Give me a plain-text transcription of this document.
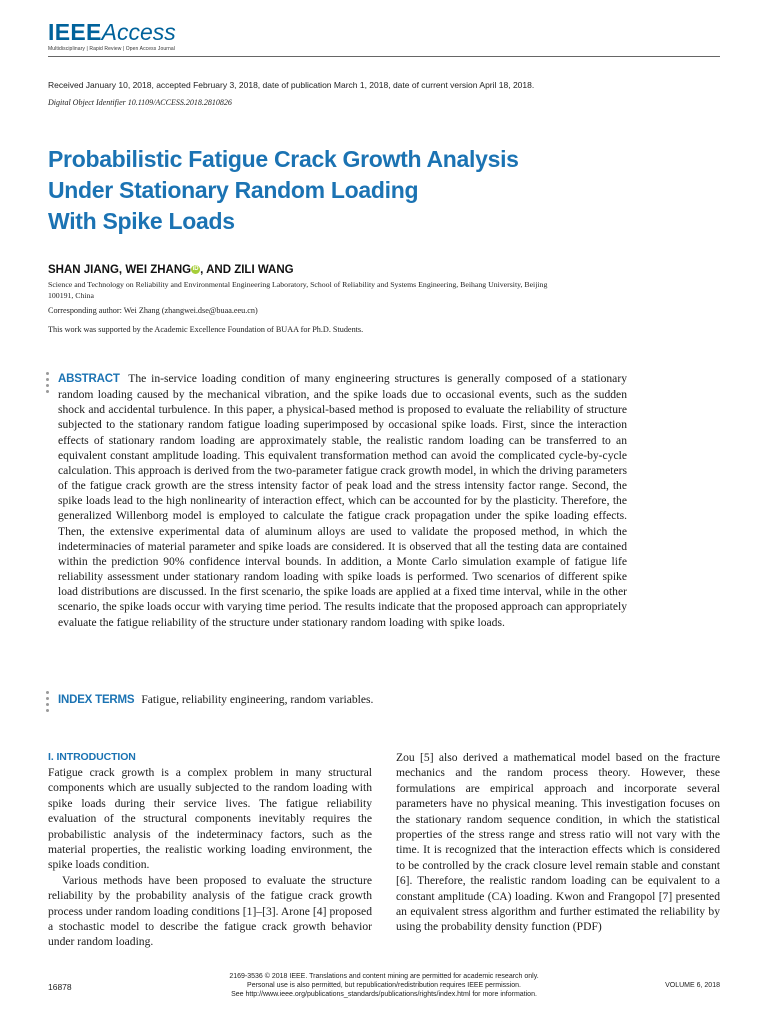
IEEEAccess
Multidisciplinary | Rapid Review | Open Access Journal
Received January 10, 2018, accepted February 3, 2018, date of publication March 1, 2018, date of current version April 18, 2018.
Digital Object Identifier 10.1109/ACCESS.2018.2810826
Probabilistic Fatigue Crack Growth Analysis
Under Stationary Random Loading
With Spike Loads
SHAN JIANG, WEI ZHANG iD , AND ZILI WANG
Science and Technology on Reliability and Environmental Engineering Laboratory, School of Reliability and Systems Engineering, Beihang University, Beijing 100191, China
Corresponding author: Wei Zhang (zhangwei.dse@buaa.eeu.cn)
This work was supported by the Academic Excellence Foundation of BUAA for Ph.D. Students.
ABSTRACT The in-service loading condition of many engineering structures is generally composed of a stationary random loading caused by the mechanical vibration, and the spike loads due to occasional events, such as the sudden shock and accidental turbulence. In this paper, a physical-based method is proposed to evaluate the reliability of structure subjected to the stationary random fatigue loading superimposed by occasional spike loads. First, since the interaction effects of stationary random loading are approximately stable, the realistic random loading can be transferred to an equivalent constant amplitude loading. This equivalent transformation method can avoid the complicated cycle-by-cycle calculation. This approach is derived from the two-parameter fatigue crack growth model, in which the driving parameters of the fatigue crack growth are the stress intensity factor of peak load and the stress intensity factor range. Second, the spike loads lead to the high nonlinearity of interaction effect, which can be accounted for by the plasticity. Therefore, the generalized Willenborg model is employed to calculate the fatigue crack propagation under the spike loading effects. Then, the extensive experimental data of aluminum alloys are used to validate the proposed method, in which the indeterminacies of material parameter and spike loads are considered. It is observed that all the testing data are contained within the prediction 90% confidence interval bounds. In addition, a Monte Carlo simulation example of fatigue life reliability assessment under stationary random loading with spike loads is performed. Two scenarios of different spike load distributions are discussed. In the first scenario, the spike loads are applied at a fixed time interval, while in the other scenario, the spike loads occur with varying time period. The results indicate that the proposed approach can appropriately evaluate the fatigue reliability of the structure under stationary random loading with spike loads.
INDEX TERMS Fatigue, reliability engineering, random variables.
I. INTRODUCTION

Fatigue crack growth is a complex problem in many structural components which are usually subjected to the random loading with spike loads during their service lives. The fatigue reliability evaluation of the structural components inevitably requires the probabilistic analysis of the indeterminacy factors, such as the material properties, the realistic working loading environment, the spike loads condition.

Various methods have been proposed to evaluate the structure reliability by the probability analysis of the fatigue crack growth process under random loading conditions [1]–[3]. Arone [4] proposed a stochastic model to describe the fatigue crack growth behavior under random loading.

Zou [5] also derived a mathematical model based on the fracture mechanics and the random process theory. However, these formulations are empirical approach and incorporate several parameters have no physical meaning. This investigation focuses on the stationary random sequence condition, in which the statistical properties of the stress range and stress ratio will not vary with the time. It is recognized that the interaction effects which is considered to be controlled by the crack closure level remain stable and constant [6]. Therefore, the realistic random loading can be equivalent to a constant amplitude (CA) loading. Kwon and Frangopol [7] presented an equivalent stress algorithm and further estimated the reliability by using the probability density function (PDF)

16878
2169-3536 © 2018 IEEE. Translations and content mining are permitted for academic research only.
Personal use is also permitted, but republication/redistribution requires IEEE permission.
See http://www.ieee.org/publications_standards/publications/rights/index.html for more information.
VOLUME 6, 2018
